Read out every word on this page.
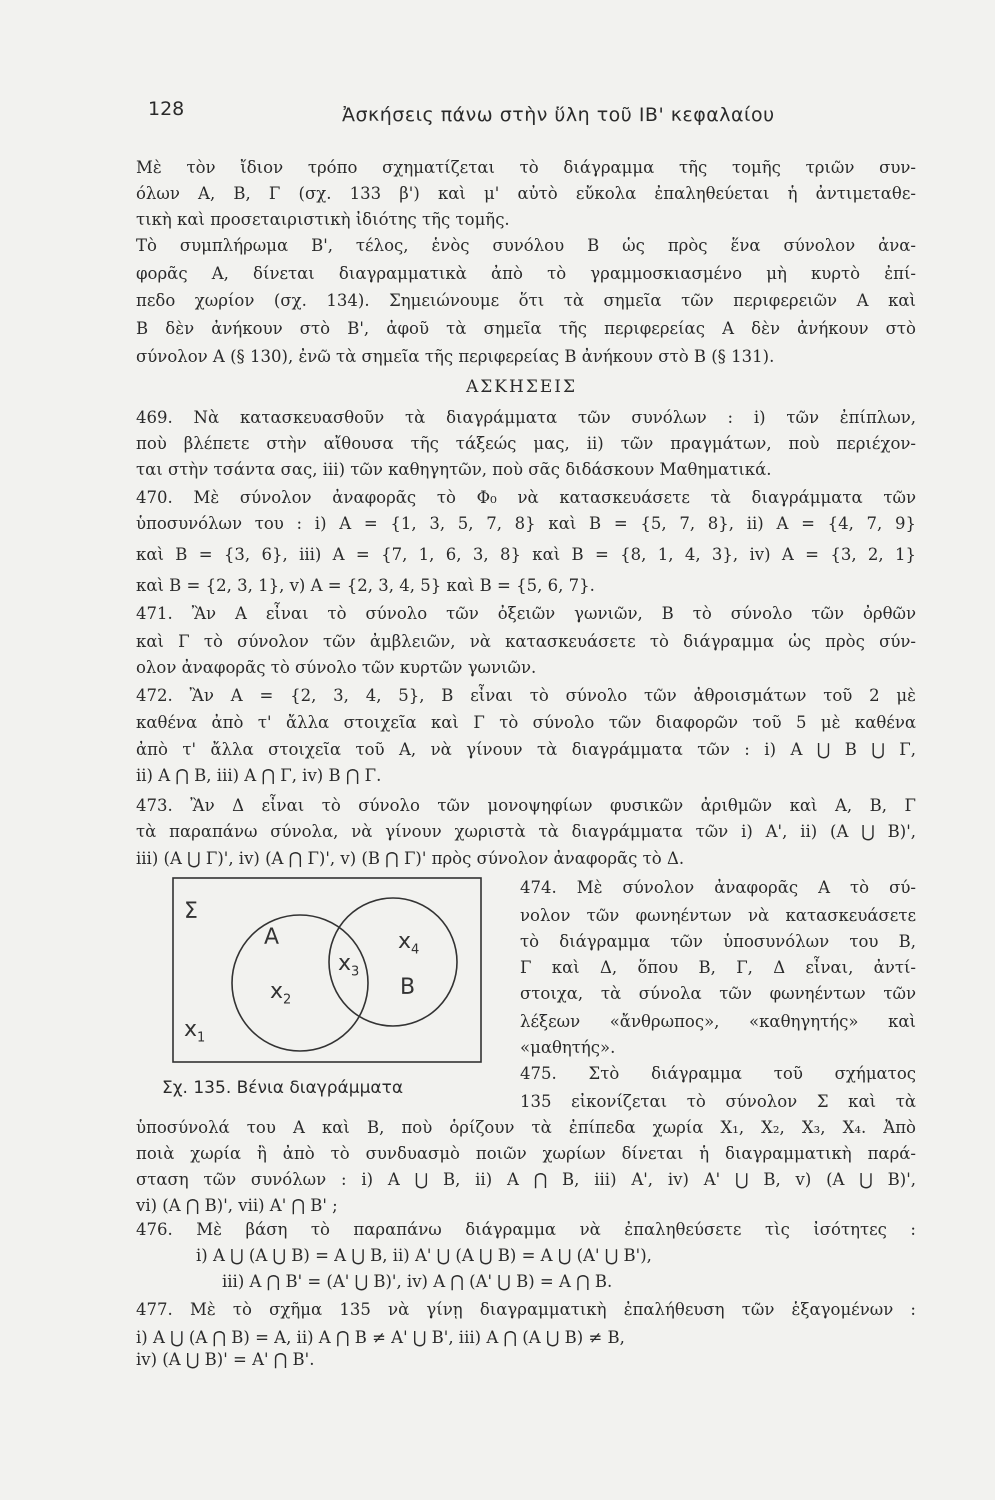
128	Ἀσκήσεις πάνω στὴν ὕλη τοῦ ΙΒ' κεφαλαίου
Μὲ τὸν ἴδιον τρόπο σχηματίζεται τὸ διάγραμμα τῆς τομῆς τριῶν συν-
όλων Α, Β, Γ (σχ. 133 β') καὶ μ' αὐτὸ εὔκολα ἐπαληθεύεται ἡ ἀντιμεταθε-
τικὴ καὶ προσεταιριστικὴ ἰδιότης τῆς τομῆς.
Τὸ συμπλήρωμα Β', τέλος, ἑνὸς συνόλου Β ὡς πρὸς ἕνα σύνολον ἀνα-
φορᾶς Α, δίνεται διαγραμματικὰ ἀπὸ τὸ γραμμοσκιασμένο μὴ κυρτὸ ἐπί-
πεδο χωρίον (σχ. 134). Σημειώνουμε ὅτι τὰ σημεῖα τῶν περιφερειῶν Α καὶ
Β δὲν ἀνήκουν στὸ Β', ἀφοῦ τὰ σημεῖα τῆς περιφερείας Α δὲν ἀνήκουν στὸ
σύνολον Α (§ 130), ἐνῶ τὰ σημεῖα τῆς περιφερείας Β ἀνήκουν στὸ Β (§ 131).
ΑΣΚΗΣΕΙΣ
469. Νὰ κατασκευασθοῦν τὰ διαγράμματα τῶν συνόλων : i) τῶν ἐπίπλων,
ποὺ βλέπετε στὴν αἴθουσα τῆς τάξεώς μας, ii) τῶν πραγμάτων, ποὺ περιέχον-
ται στὴν τσάντα σας, iii) τῶν καθηγητῶν, ποὺ σᾶς διδάσκουν Μαθηματικά.
470. Μὲ σύνολον ἀναφορᾶς τὸ Φ₀ νὰ κατασκευάσετε τὰ διαγράμματα τῶν
ὑποσυνόλων του : i) Α = {1, 3, 5, 7, 8} καὶ Β = {5, 7, 8}, ii) Α = {4, 7, 9}
καὶ Β = {3, 6}, iii) Α = {7, 1, 6, 3, 8} καὶ Β = {8, 1, 4, 3}, iv) Α = {3, 2, 1}
καὶ Β = {2, 3, 1}, v) Α = {2, 3, 4, 5} καὶ Β = {5, 6, 7}.
471. Ἂν Α εἶναι τὸ σύνολο τῶν ὀξειῶν γωνιῶν, Β τὸ σύνολο τῶν ὀρθῶν
καὶ Γ τὸ σύνολον τῶν ἀμβλειῶν, νὰ κατασκευάσετε τὸ διάγραμμα ὡς πρὸς σύν-
ολον ἀναφορᾶς τὸ σύνολο τῶν κυρτῶν γωνιῶν.
472. Ἂν Α = {2, 3, 4, 5}, Β εἶναι τὸ σύνολο τῶν ἀθροισμάτων τοῦ 2 μὲ
καθένα ἀπὸ τ' ἄλλα στοιχεῖα καὶ Γ τὸ σύνολο τῶν διαφορῶν τοῦ 5 μὲ καθένα
ἀπὸ τ' ἄλλα στοιχεῖα τοῦ Α, νὰ γίνουν τὰ διαγράμματα τῶν : i) Α ⋃ Β ⋃ Γ,
ii) Α ⋂ Β, iii) Α ⋂ Γ, iv) Β ⋂ Γ.
473. Ἂν Δ εἶναι τὸ σύνολο τῶν μονοψηφίων φυσικῶν ἀριθμῶν καὶ Α, Β, Γ
τὰ παραπάνω σύνολα, νὰ γίνουν χωριστὰ τὰ διαγράμματα τῶν i) Α', ii) (Α ⋃ Β)',
iii) (Α ⋃ Γ)', iv) (Α ⋂ Γ)', v) (Β ⋂ Γ)' πρὸς σύνολον ἀναφορᾶς τὸ Δ.
Σ
Α
Β
$x_1$
$x_2$
$x_3$
$x_4$
Σχ. 135. Βένια διαγράμματα
474. Μὲ σύνολον ἀναφορᾶς Α τὸ σύ-
νολον τῶν φωνηέντων νὰ κατασκευάσετε
τὸ διάγραμμα τῶν ὑποσυνόλων του Β,
Γ καὶ Δ, ὅπου Β, Γ, Δ εἶναι, ἀντί-
στοιχα, τὰ σύνολα τῶν φωνηέντων τῶν
λέξεων «ἄνθρωπος», «καθηγητής» καὶ
«μαθητής».
475. Στὸ διάγραμμα τοῦ σχήματος
135 εἰκονίζεται τὸ σύνολον Σ καὶ τὰ
ὑποσύνολά του Α καὶ Β, ποὺ ὁρίζουν τὰ ἐπίπεδα χωρία Χ₁, Χ₂, Χ₃, Χ₄. Ἀπὸ
ποιὰ χωρία ἢ ἀπὸ τὸ συνδυασμὸ ποιῶν χωρίων δίνεται ἡ διαγραμματικὴ παρά-
σταση τῶν συνόλων : i) Α ⋃ Β, ii) Α ⋂ Β, iii) Α', iv) Α' ⋃ Β, v) (Α ⋃ Β)',
vi) (Α ⋂ Β)', vii) Α' ⋂ Β' ;
476. Μὲ βάση τὸ παραπάνω διάγραμμα νὰ ἐπαληθεύσετε τὶς ἰσότητες :
i) Α ⋃ (Α ⋃ Β) = Α ⋃ Β, ii) Α' ⋃ (Α ⋃ Β) = Α ⋃ (Α' ⋃ Β'),
iii) Α ⋂ Β' = (Α' ⋃ Β)', iv) Α ⋂ (Α' ⋃ Β) = Α ⋂ Β.
477. Μὲ τὸ σχῆμα 135 νὰ γίνῃ διαγραμματικὴ ἐπαλήθευση τῶν ἑξαγομένων :
i) Α ⋃ (Α ⋂ Β) = Α, ii) Α ⋂ Β ≠ Α' ⋃ Β', iii) Α ⋂ (Α ⋃ Β) ≠ Β,
iv) (Α ⋃ Β)' = Α' ⋂ Β'.
